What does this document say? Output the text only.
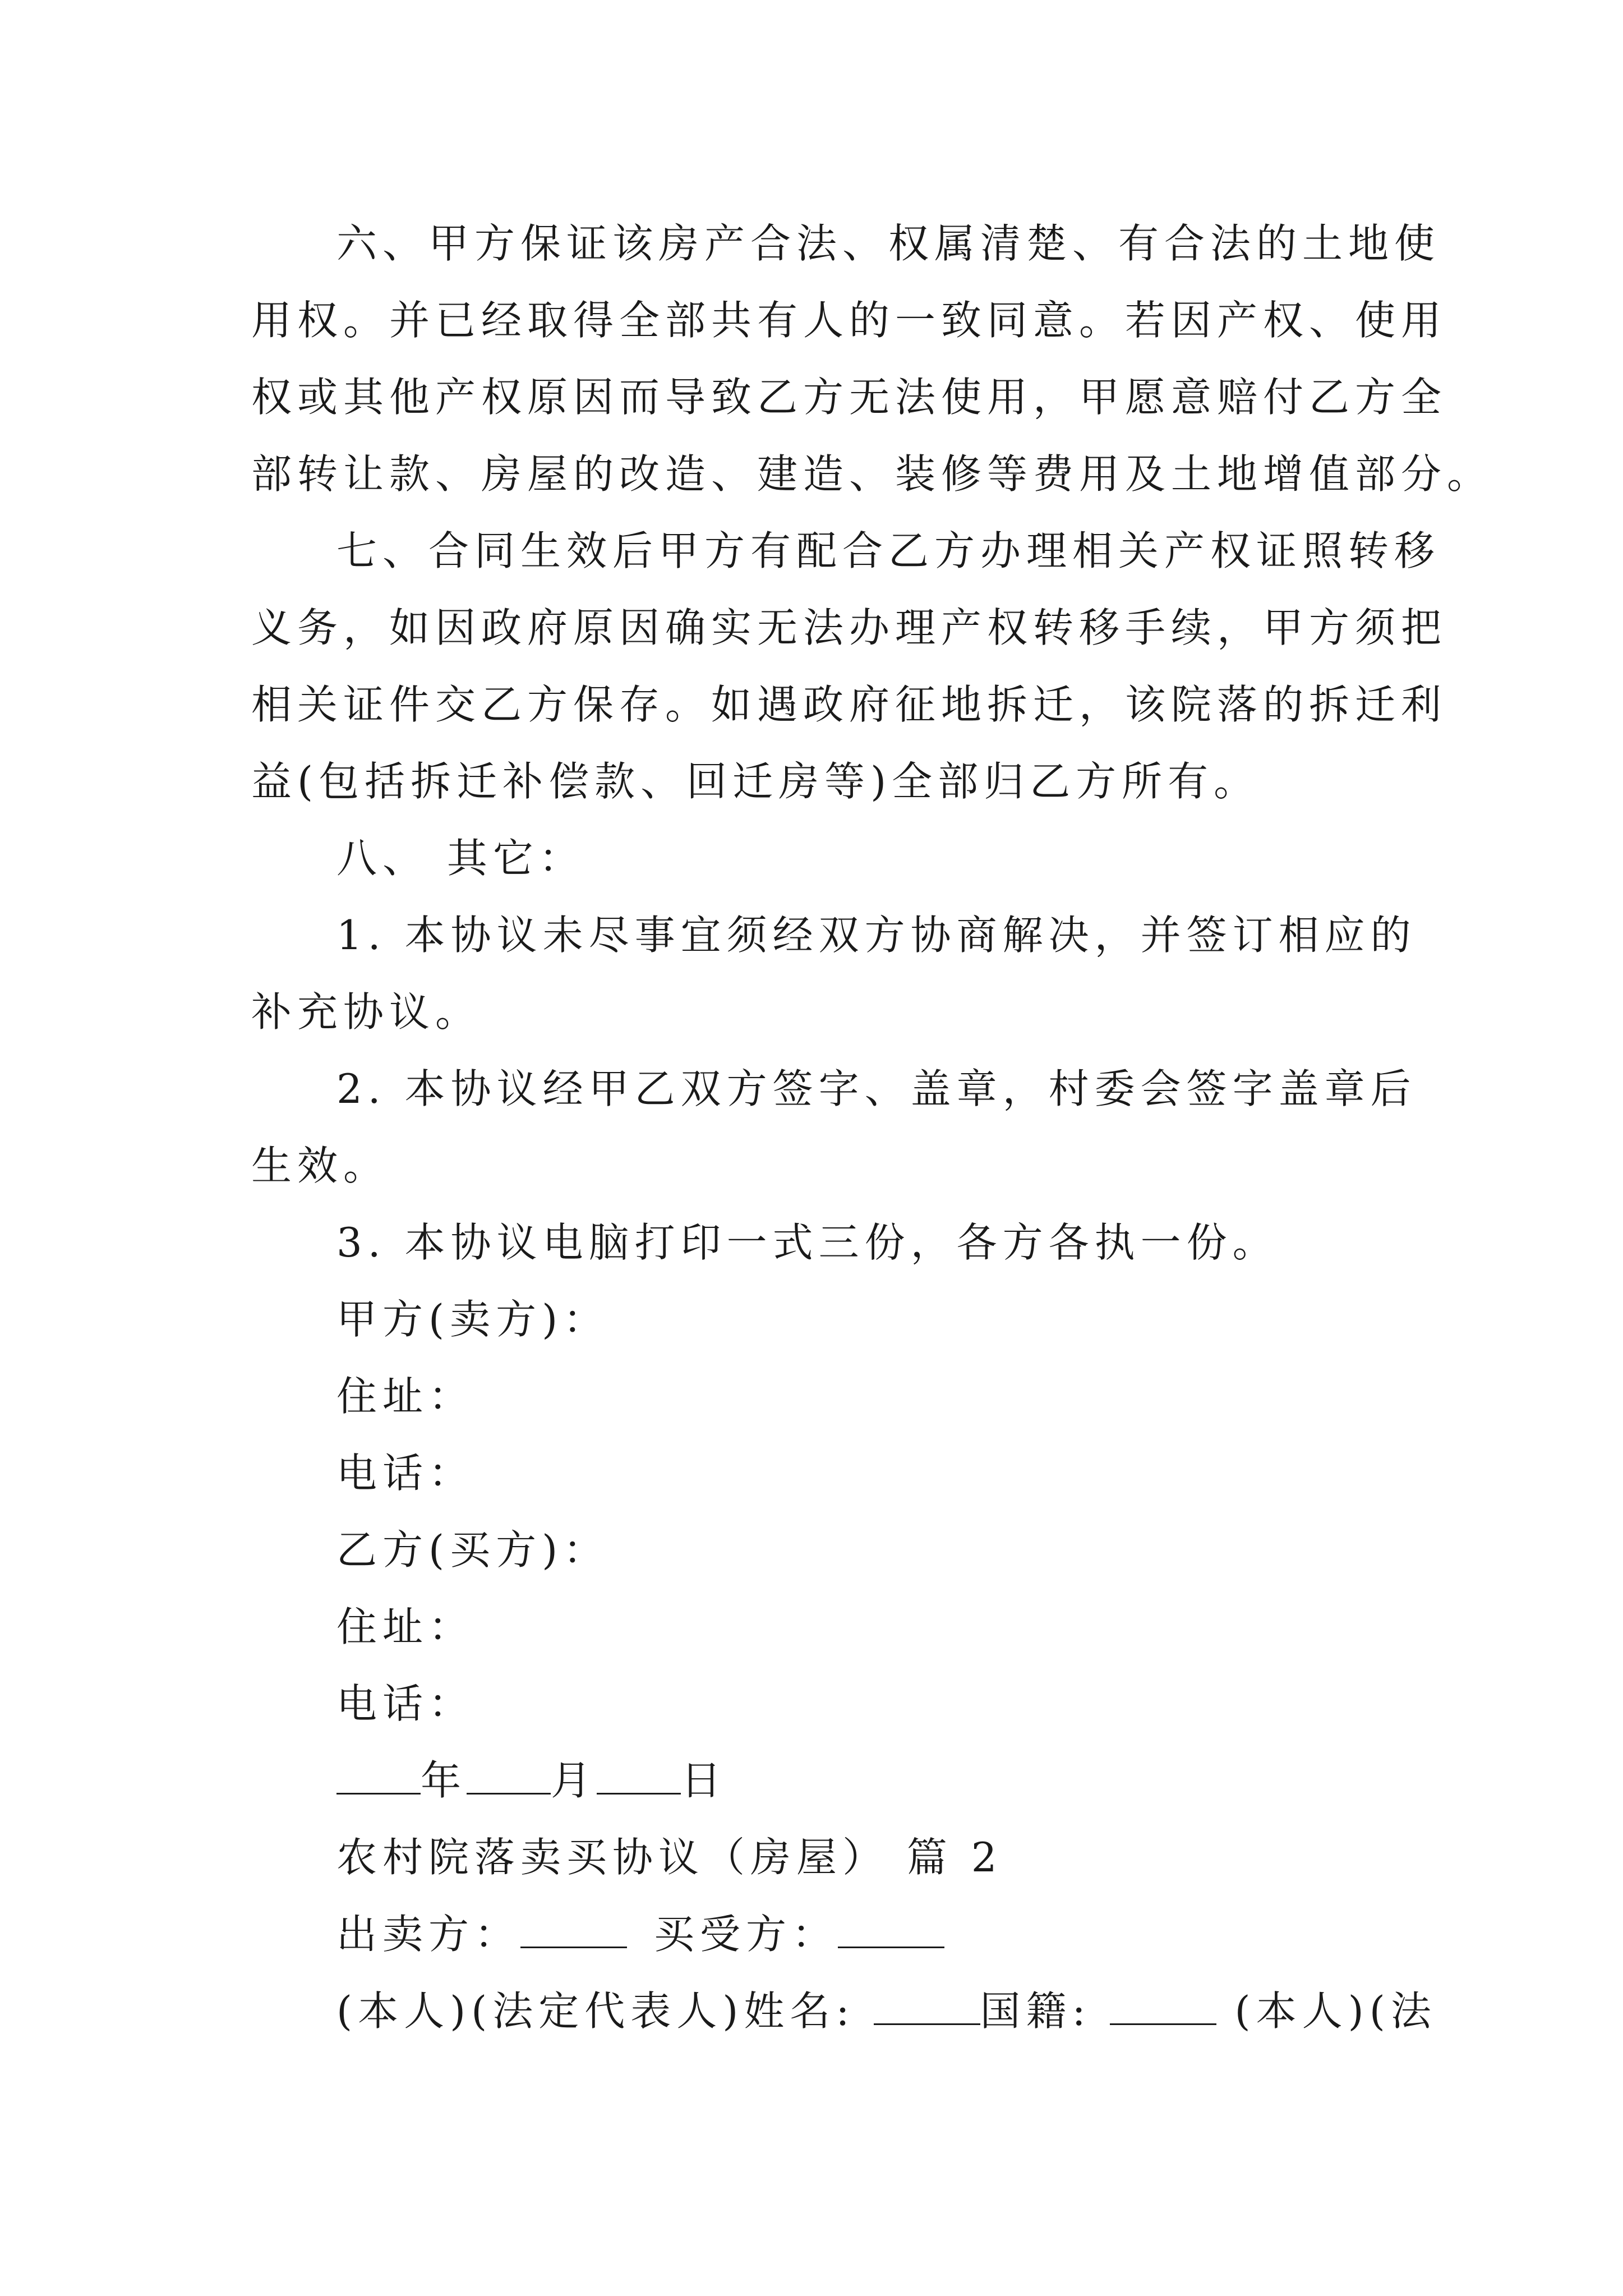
六、甲方保证该房产合法、权属清楚、有合法的土地使
用权。并已经取得全部共有人的一致同意。若因产权、使用
权或其他产权原因而导致乙方无法使用，甲愿意赔付乙方全
部转让款、房屋的改造、建造、装修等费用及土地增值部分。
七、合同生效后甲方有配合乙方办理相关产权证照转移
义务，如因政府原因确实无法办理产权转移手续，甲方须把
相关证件交乙方保存。如遇政府征地拆迁，该院落的拆迁利
益(包括拆迁补偿款、回迁房等)全部归乙方所有。
八、 其它：
1. 本协议未尽事宜须经双方协商解决，并签订相应的
补充协议。
2. 本协议经甲乙双方签字、盖章，村委会签字盖章后
生效。
3. 本协议电脑打印一式三份，各方各执一份。
甲方(卖方)：
住址：
电话：
乙方(买方)：
住址：
电话：
年 月 日
农村院落卖买协议（房屋） 篇 2
出卖方：	买受方：
(本人)(法定代表人)姓名:	国籍:	(本人)(法
